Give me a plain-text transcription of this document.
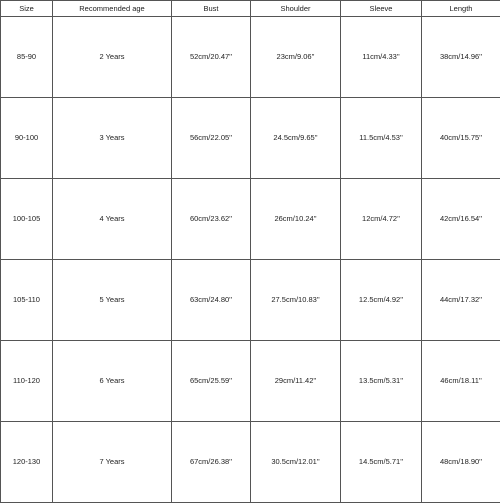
Size	Recommended age	Bust	Shoulder	Sleeve	Length
85-90	2 Years	52cm/20.47''	23cm/9.06''	11cm/4.33''	38cm/14.96''
90-100	3 Years	56cm/22.05''	24.5cm/9.65''	11.5cm/4.53''	40cm/15.75''
100-105	4 Years	60cm/23.62''	26cm/10.24''	12cm/4.72''	42cm/16.54''
105-110	5 Years	63cm/24.80''	27.5cm/10.83''	12.5cm/4.92''	44cm/17.32''
110-120	6 Years	65cm/25.59''	29cm/11.42''	13.5cm/5.31''	46cm/18.11''
120-130	7 Years	67cm/26.38''	30.5cm/12.01''	14.5cm/5.71''	48cm/18.90''
